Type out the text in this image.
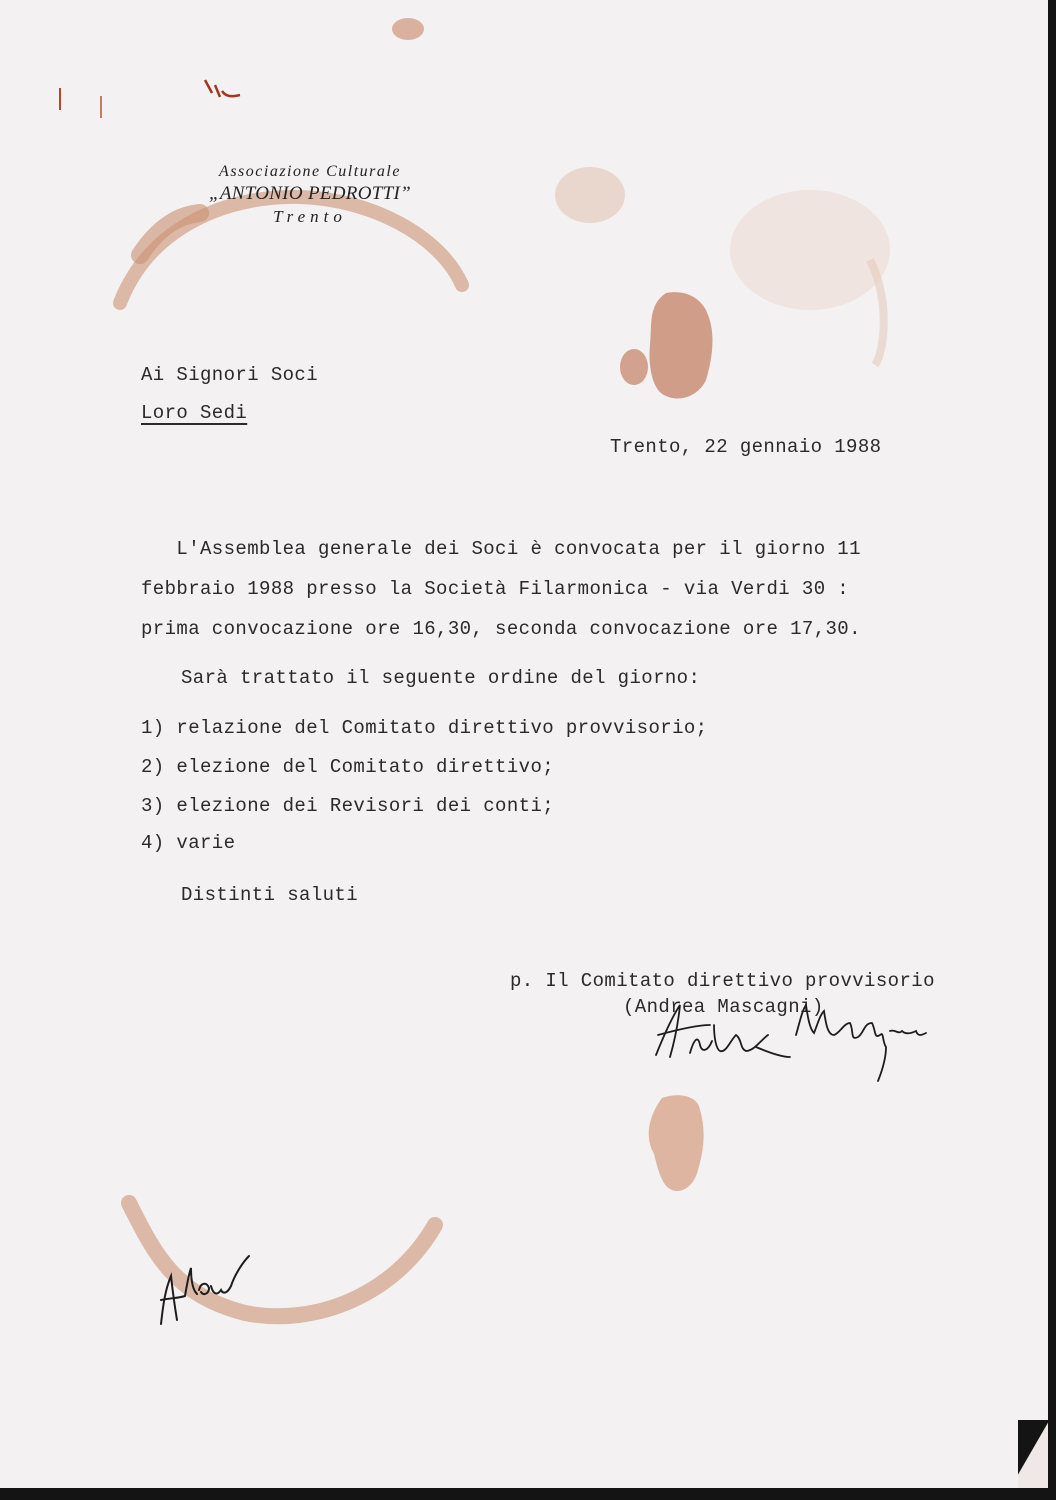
Associazione Culturale
„ANTONIO PEDROTTI”
Trento
Ai Signori Soci
Loro Sedi
Trento, 22 gennaio 1988
L'Assemblea generale dei Soci è convocata per il giorno 11
febbraio 1988 presso la Società Filarmonica - via Verdi 30 :
prima convocazione ore 16,30, seconda convocazione ore 17,30.
Sarà trattato il seguente ordine del giorno:
1) relazione del Comitato direttivo provvisorio;
2) elezione del Comitato direttivo;
3) elezione dei Revisori dei conti;
4) varie
Distinti saluti
p. Il Comitato direttivo provvisorio
(Andrea Mascagni)
